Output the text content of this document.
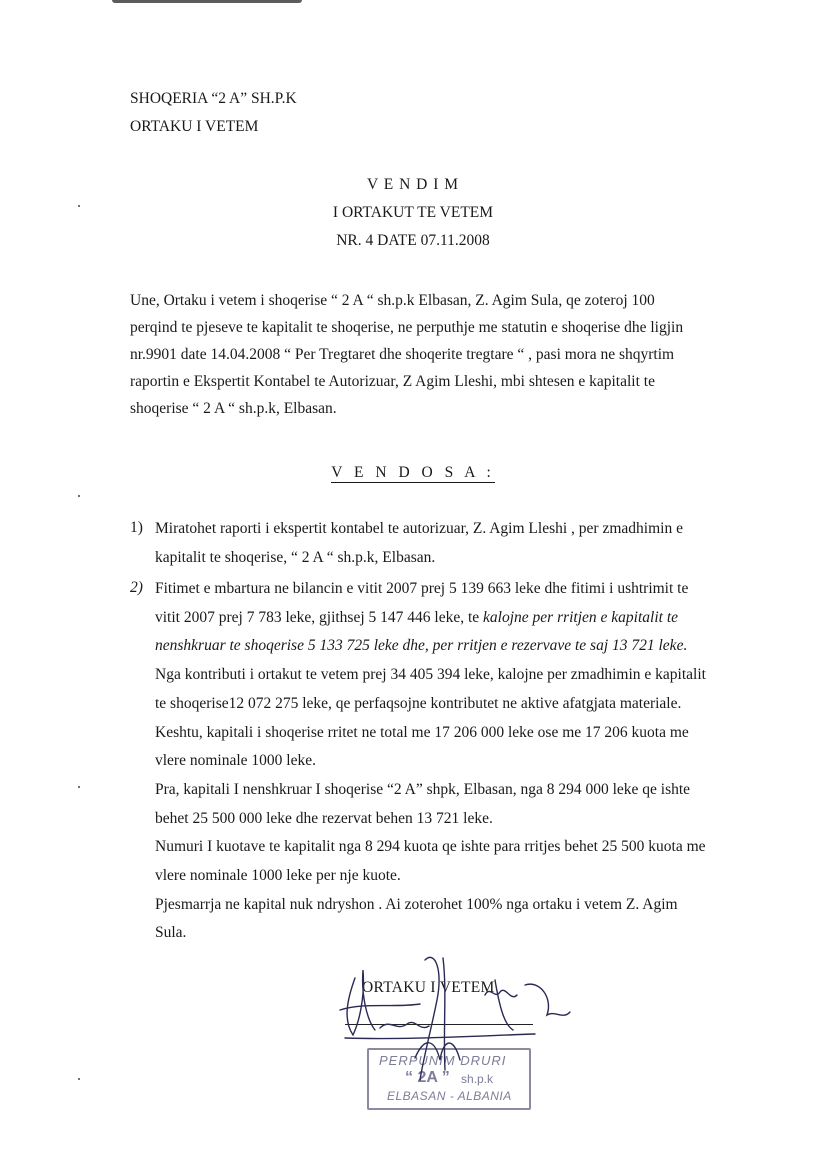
SHOQERIA “2 A” SH.P.K
ORTAKU I VETEM
V E N D I M
I ORTAKUT TE VETEM
NR. 4 DATE 07.11.2008
Une, Ortaku i vetem i shoqerise “ 2 A “ sh.p.k Elbasan, Z. Agim Sula, qe zoteroj 100
perqind te pjeseve te kapitalit te shoqerise, ne perputhje me statutin e shoqerise dhe ligjin
nr.9901 date 14.04.2008 “ Per Tregtaret dhe shoqerite tregtare “ , pasi mora ne shqyrtim
raportin e Ekspertit Kontabel te Autorizuar, Z Agim Lleshi, mbi shtesen e kapitalit te
shoqerise “ 2 A “ sh.p.k, Elbasan.
V E N D O S A :
1) Miratohet raporti i ekspertit kontabel te autorizuar, Z. Agim Lleshi , per zmadhimin e
kapitalit te shoqerise, “ 2 A “ sh.p.k, Elbasan.
2) Fitimet e mbartura ne bilancin e vitit 2007 prej 5 139 663 leke dhe fitimi i ushtrimit te
vitit 2007 prej 7 783 leke, gjithsej 5 147 446 leke, te kalojne per rritjen e kapitalit te
nenshkruar te shoqerise 5 133 725 leke dhe, per rritjen e rezervave te saj 13 721 leke.
Nga kontributi i ortakut te vetem prej 34 405 394 leke, kalojne per zmadhimin e kapitalit
te shoqerise12 072 275 leke, qe perfaqsojne kontributet ne aktive afatgjata materiale.
Keshtu, kapitali i shoqerise rritet ne total me 17 206 000 leke ose me 17 206 kuota me
vlere nominale 1000 leke.
Pra, kapitali I nenshkruar I shoqerise “2 A” shpk, Elbasan, nga 8 294 000 leke qe ishte
behet 25 500 000 leke dhe rezervat behen 13 721 leke.
Numuri I kuotave te kapitalit nga 8 294 kuota qe ishte para rritjes behet 25 500 kuota me
vlere nominale 1000 leke per nje kuote.
Pjesmarrja ne kapital nuk ndryshon . Ai zoterohet 100% nga ortaku i vetem Z. Agim
Sula.
ORTAKU I VETEM
PERPUNIM DRURI
“ 2A ” sh.p.k
ELBASAN - ALBANIA
